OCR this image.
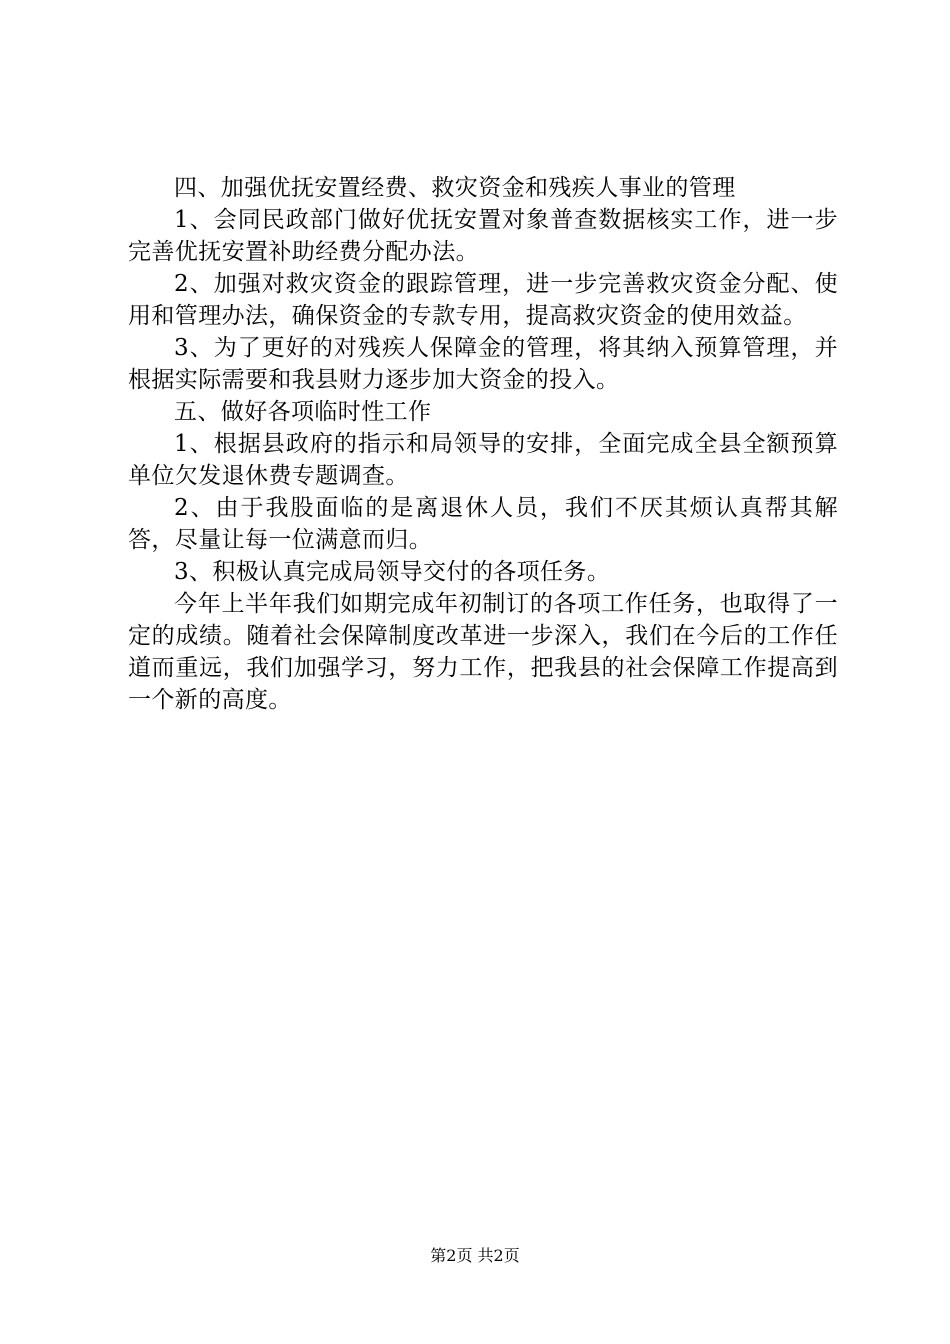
四、加强优抚安置经费、救灾资金和残疾人事业的管理

1、会同民政部门做好优抚安置对象普查数据核实工作，进一步完善优抚安置补助经费分配办法。

2、加强对救灾资金的跟踪管理，进一步完善救灾资金分配、使用和管理办法，确保资金的专款专用，提高救灾资金的使用效益。

3、为了更好的对残疾人保障金的管理，将其纳入预算管理，并根据实际需要和我县财力逐步加大资金的投入。

五、做好各项临时性工作

1、根据县政府的指示和局领导的安排，全面完成全县全额预算单位欠发退休费专题调查。

2、由于我股面临的是离退休人员，我们不厌其烦认真帮其解答，尽量让每一位满意而归。

3、积极认真完成局领导交付的各项任务。

今年上半年我们如期完成年初制订的各项工作任务，也取得了一定的成绩。随着社会保障制度改革进一步深入，我们在今后的工作任道而重远，我们加强学习，努力工作，把我县的社会保障工作提高到一个新的高度。

第2页 共2页
